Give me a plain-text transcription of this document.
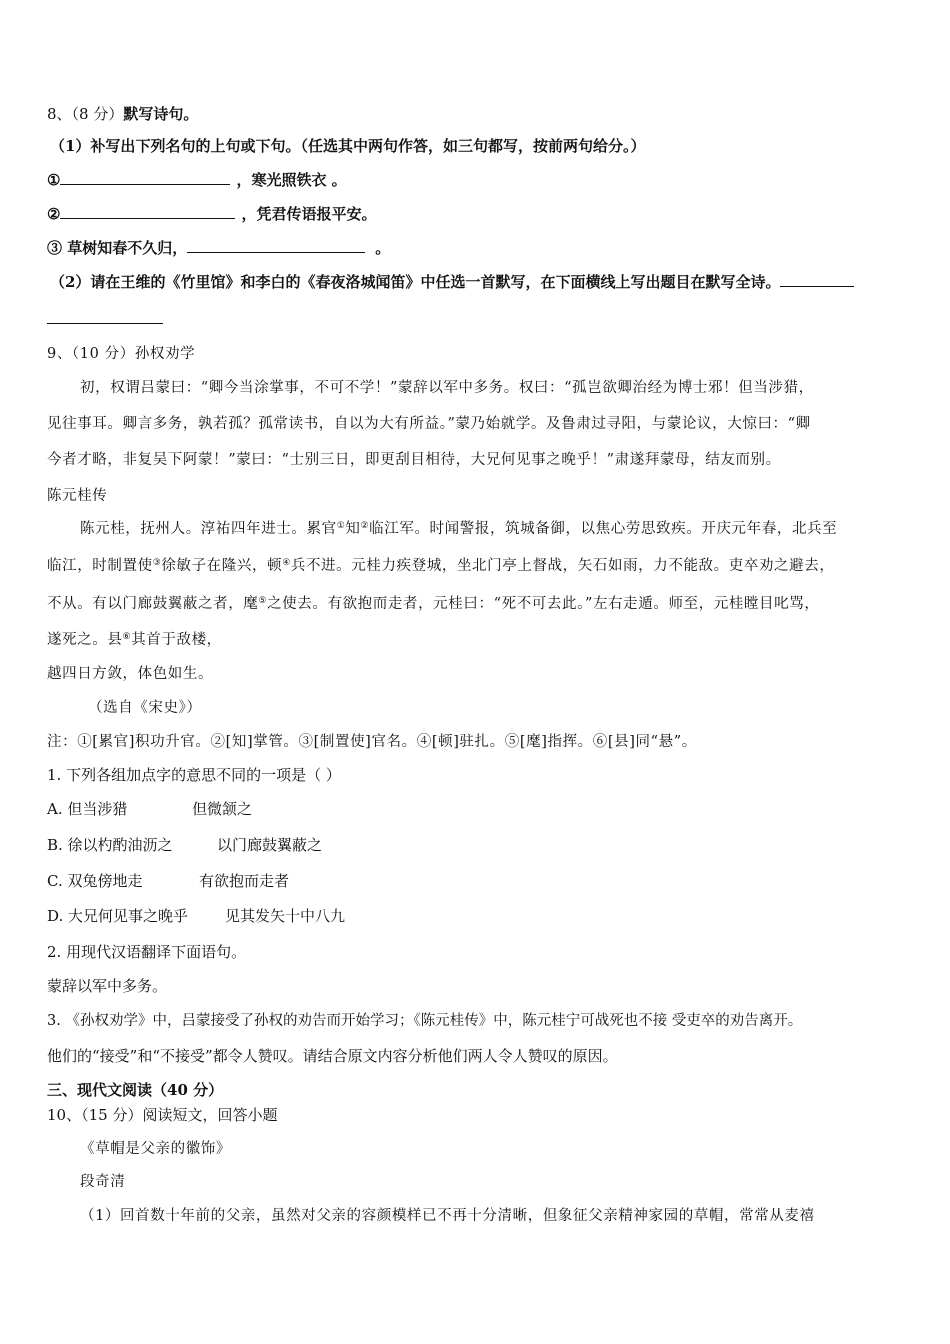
8、（8 分）默写诗句。
（1）补写出下列名句的上句或下句。（任选其中两句作答，如三句都写，按前两句给分。）
①	，寒光照铁衣 。
②	，凭君传语报平安。
③ 草树知春不久归，	。
（2）请在王维的《竹里馆》和李白的《春夜洛城闻笛》中任选一首默写，在下面横线上写出题目在默写全诗。
9、（10 分）孙权劝学
初，权谓吕蒙曰：“卿今当涂掌事，不可不学！”蒙辞以军中多务。权曰：“孤岂欲卿治经为博士邪！但当涉猎，
见往事耳。卿言多务，孰若孤？孤常读书，自以为大有所益。”蒙乃始就学。及鲁肃过寻阳，与蒙论议，大惊曰：“卿
今者才略，非复吴下阿蒙！”蒙曰：“士别三日，即更刮目相待，大兄何见事之晚乎！”肃遂拜蒙母，结友而别。
陈元桂传
陈元桂，抚州人。淳祐四年进士。累官①知②临江军。时闻警报，筑城备御，以焦心劳思致疾。开庆元年春，北兵至
临江，时制置使③徐敏子在隆兴，顿④兵不进。元桂力疾登城，坐北门亭上督战，矢石如雨，力不能敌。吏卒劝之避去，
不从。有以门廊鼓翼蔽之者，麾⑤之使去。有欲抱而走者，元桂曰：“死不可去此。”左右走遁。师至，元桂瞠目叱骂，
遂死之。县⑥其首于敌楼，
越四日方敛，体色如生。
（选自《宋史》）
注：①[累官]积功升官。②[知]掌管。③[制置使]官名。④[顿]驻扎。⑤[麾]指挥。⑥[县]同“悬”。
1. 下列各组加点字的意思不同的一项是（ ）
A. 但当涉猎	但微颔之
B. 徐以杓酌油沥之	以门廊鼓翼蔽之
C. 双兔傍地走	有欲抱而走者
D. 大兄何见事之晚乎 见其发矢十中八九
2. 用现代汉语翻译下面语句。
蒙辞以军中多务。
3. 《孙权劝学》中，吕蒙接受了孙权的劝告而开始学习；《陈元桂传》中，陈元桂宁可战死也不接 受吏卒的劝告离开。
他们的“接受”和“不接受”都令人赞叹。请结合原文内容分析他们两人令人赞叹的原因。
三、现代文阅读（40 分）
10、（15 分）阅读短文，回答小题
《草帽是父亲的徽饰》
段奇清
（1）回首数十年前的父亲，虽然对父亲的容颜模样已不再十分清晰，但象征父亲精神家园的草帽，常常从麦禧
